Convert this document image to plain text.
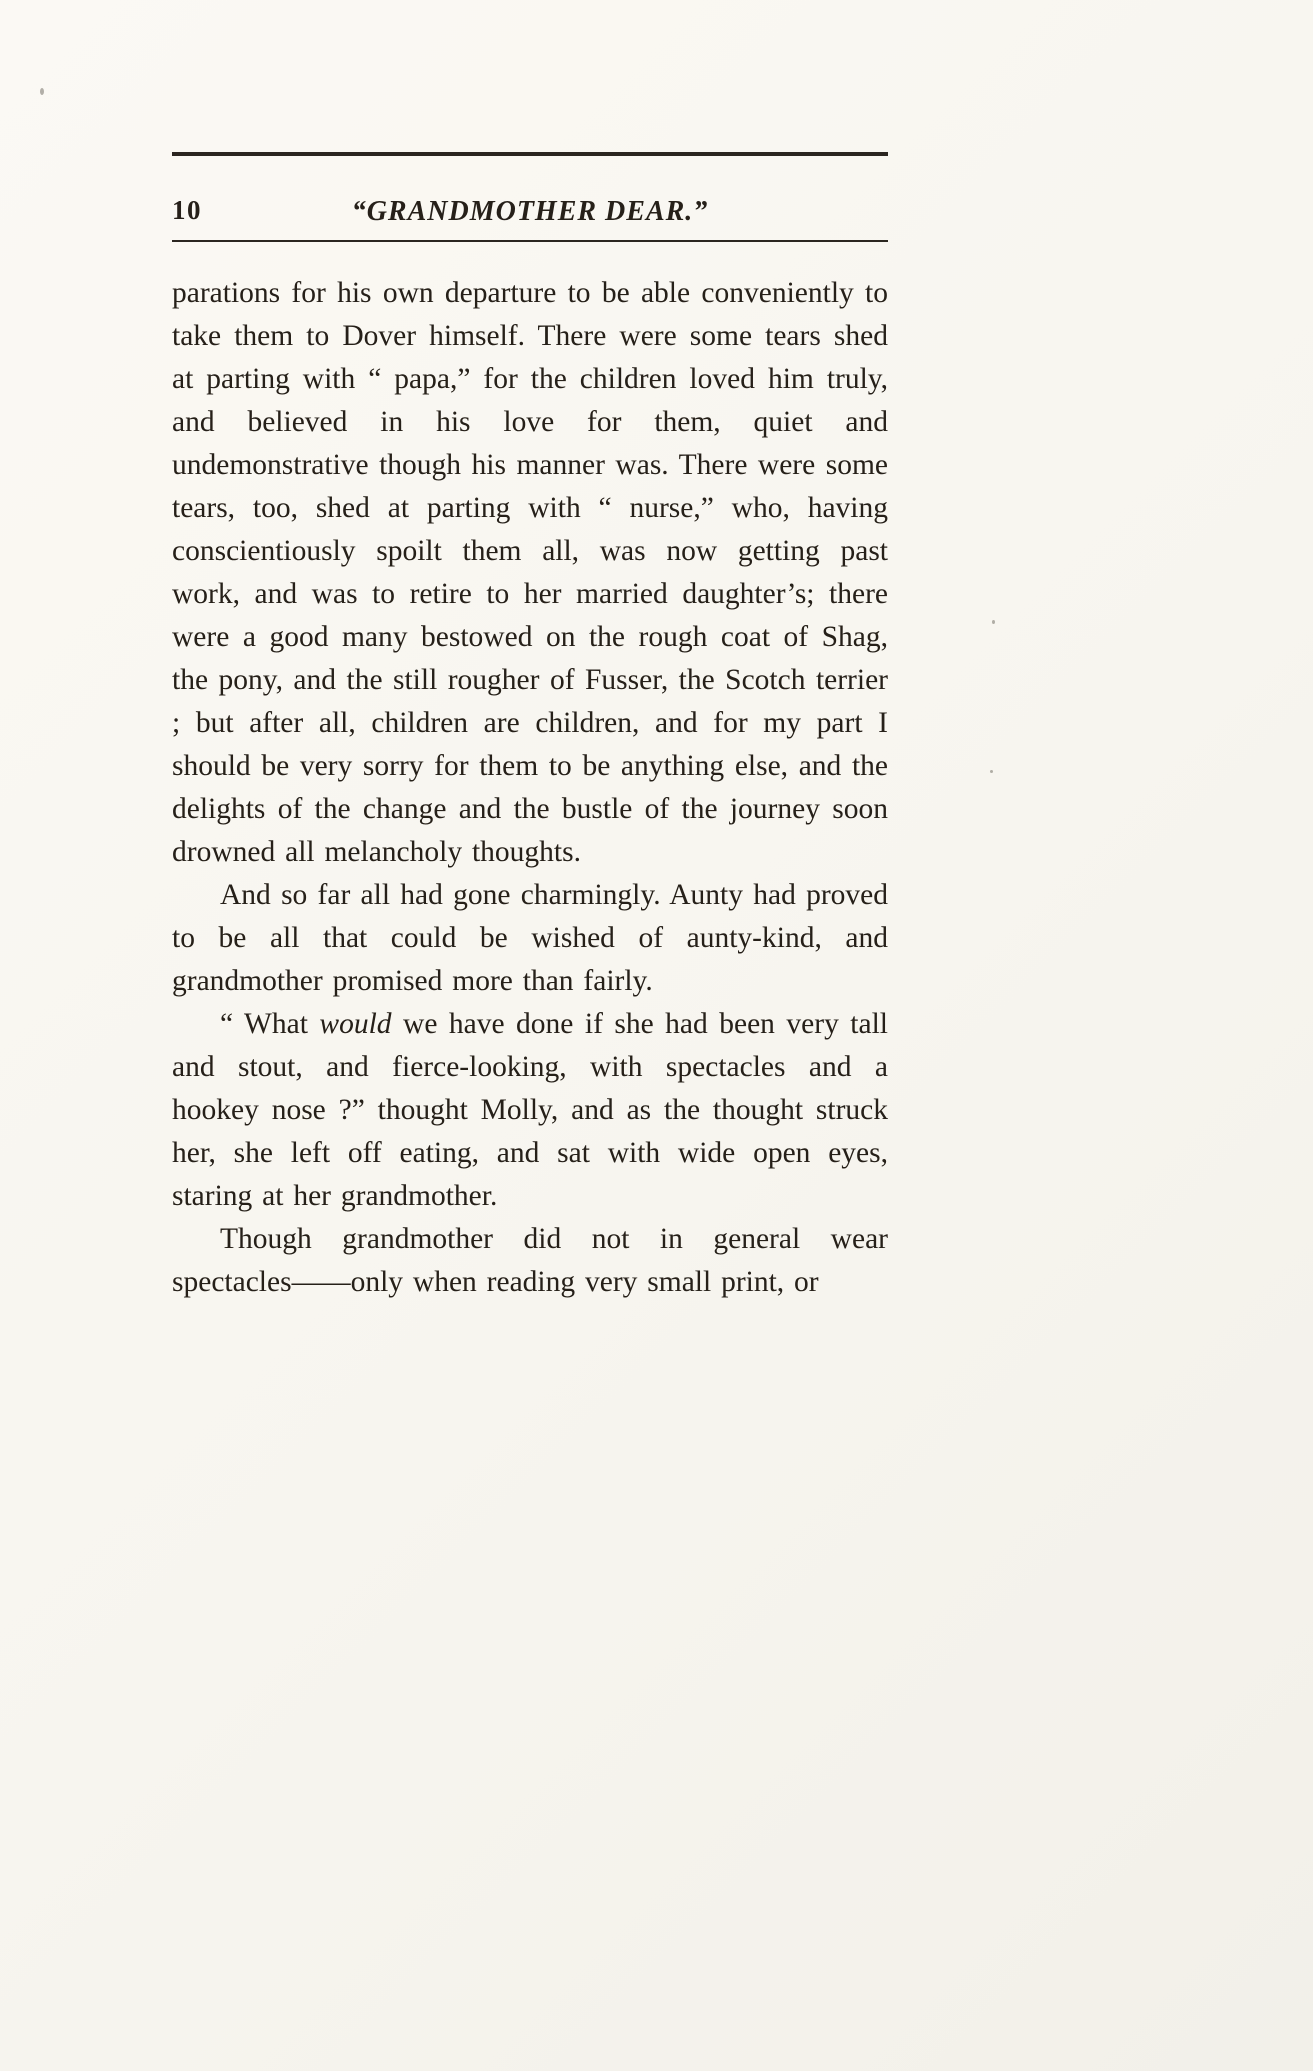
10	“GRANDMOTHER DEAR.”

parations for his own departure to be able conveniently to take them to Dover himself. There were some tears shed at parting with “ papa,” for the children loved him truly, and believed in his love for them, quiet and undemonstrative though his manner was. There were some tears, too, shed at parting with “ nurse,” who, having conscientiously spoilt them all, was now getting past work, and was to retire to her married daughter’s; there were a good many bestowed on the rough coat of Shag, the pony, and the still rougher of Fusser, the Scotch terrier ; but after all, children are children, and for my part I should be very sorry for them to be anything else, and the delights of the change and the bustle of the journey soon drowned all melancholy thoughts.

And so far all had gone charmingly. Aunty had proved to be all that could be wished of aunty-kind, and grandmother promised more than fairly.

“ What would we have done if she had been very tall and stout, and fierce-looking, with spectacles and a hookey nose ?” thought Molly, and as the thought struck her, she left off eating, and sat with wide open eyes, staring at her grandmother.

Though grandmother did not in general wear spectacles——only when reading very small print, or
